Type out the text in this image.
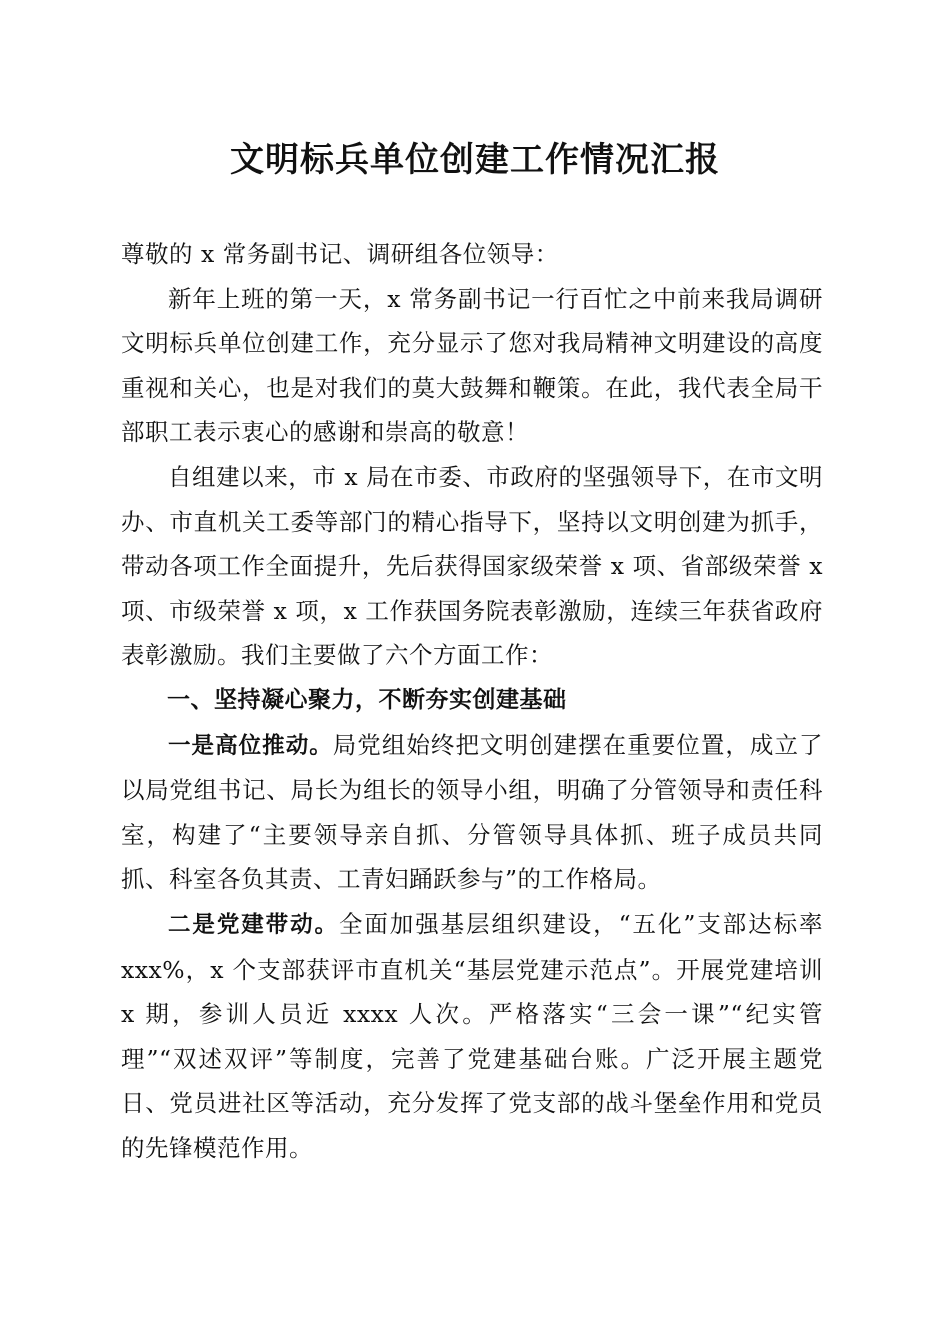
文明标兵单位创建工作情况汇报

尊敬的 x 常务副书记、调研组各位领导：

新年上班的第一天，x 常务副书记一行百忙之中前来我局调研文明标兵单位创建工作，充分显示了您对我局精神文明建设的高度重视和关心，也是对我们的莫大鼓舞和鞭策。在此，我代表全局干部职工表示衷心的感谢和崇高的敬意！

自组建以来，市 x 局在市委、市政府的坚强领导下，在市文明办、市直机关工委等部门的精心指导下，坚持以文明创建为抓手，带动各项工作全面提升，先后获得国家级荣誉 x 项、省部级荣誉 x 项、市级荣誉 x 项，x 工作获国务院表彰激励，连续三年获省政府表彰激励。我们主要做了六个方面工作：

一、坚持凝心聚力，不断夯实创建基础

一是高位推动。局党组始终把文明创建摆在重要位置，成立了以局党组书记、局长为组长的领导小组，明确了分管领导和责任科室，构建了“主要领导亲自抓、分管领导具体抓、班子成员共同抓、科室各负其责、工青妇踊跃参与”的工作格局。

二是党建带动。全面加强基层组织建设，“五化”支部达标率 xxx%，x 个支部获评市直机关“基层党建示范点”。开展党建培训 x 期，参训人员近 xxxx 人次。严格落实“三会一课”“纪实管理”“双述双评”等制度，完善了党建基础台账。广泛开展主题党日、党员进社区等活动，充分发挥了党支部的战斗堡垒作用和党员的先锋模范作用。
